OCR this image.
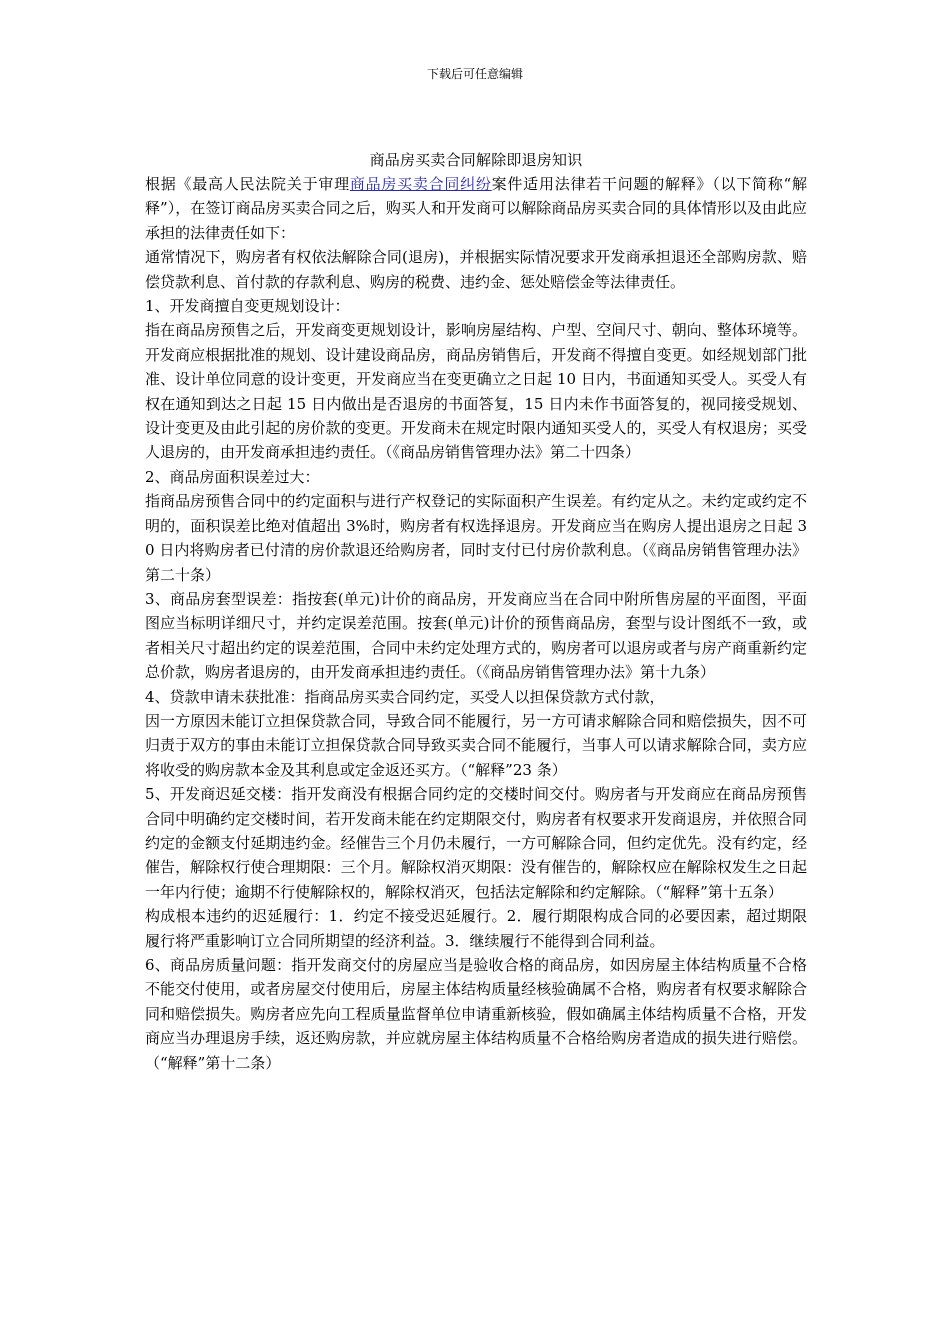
下载后可任意编辑
商品房买卖合同解除即退房知识

根据《最高人民法院关于审理商品房买卖合同纠纷案件适用法律若干问题的解释》（以下简称“解释”），在签订商品房买卖合同之后，购买人和开发商可以解除商品房买卖合同的具体情形以及由此应承担的法律责任如下：

通常情况下，购房者有权依法解除合同(退房)，并根据实际情况要求开发商承担退还全部购房款、赔偿贷款利息、首付款的存款利息、购房的税费、违约金、惩处赔偿金等法律责任。

1、开发商擅自变更规划设计：

指在商品房预售之后，开发商变更规划设计，影响房屋结构、户型、空间尺寸、朝向、整体环境等。开发商应根据批准的规划、设计建设商品房，商品房销售后，开发商不得擅自变更。如经规划部门批准、设计单位同意的设计变更，开发商应当在变更确立之日起 10 日内，书面通知买受人。买受人有权在通知到达之日起 15 日内做出是否退房的书面答复，15 日内未作书面答复的，视同接受规划、设计变更及由此引起的房价款的变更。开发商未在规定时限内通知买受人的，买受人有权退房；买受人退房的，由开发商承担违约责任。（《商品房销售管理办法》第二十四条）

2、商品房面积误差过大：

指商品房预售合同中的约定面积与进行产权登记的实际面积产生误差。有约定从之。未约定或约定不明的，面积误差比绝对值超出 3%时，购房者有权选择退房。开发商应当在购房人提出退房之日起 30 日内将购房者已付清的房价款退还给购房者，同时支付已付房价款利息。（《商品房销售管理办法》第二十条）

3、商品房套型误差：指按套(单元)计价的商品房，开发商应当在合同中附所售房屋的平面图，平面图应当标明详细尺寸，并约定误差范围。按套(单元)计价的预售商品房，套型与设计图纸不一致，或者相关尺寸超出约定的误差范围，合同中未约定处理方式的，购房者可以退房或者与房产商重新约定总价款，购房者退房的，由开发商承担违约责任。（《商品房销售管理办法》第十九条）

4、贷款申请未获批准：指商品房买卖合同约定，买受人以担保贷款方式付款，

因一方原因未能订立担保贷款合同，导致合同不能履行，另一方可请求解除合同和赔偿损失，因不可归责于双方的事由未能订立担保贷款合同导致买卖合同不能履行，当事人可以请求解除合同，卖方应将收受的购房款本金及其利息或定金返还买方。（“解释”23 条）

5、开发商迟延交楼：指开发商没有根据合同约定的交楼时间交付。购房者与开发商应在商品房预售合同中明确约定交楼时间，若开发商未能在约定期限交付，购房者有权要求开发商退房，并依照合同约定的金额支付延期违约金。经催告三个月仍未履行，一方可解除合同，但约定优先。没有约定，经催告，解除权行使合理期限：三个月。解除权消灭期限：没有催告的，解除权应在解除权发生之日起一年内行使；逾期不行使解除权的，解除权消灭，包括法定解除和约定解除。（“解释”第十五条）

构成根本违约的迟延履行：1．约定不接受迟延履行。2．履行期限构成合同的必要因素，超过期限履行将严重影响订立合同所期望的经济利益。3．继续履行不能得到合同利益。

6、商品房质量问题：指开发商交付的房屋应当是验收合格的商品房，如因房屋主体结构质量不合格不能交付使用，或者房屋交付使用后，房屋主体结构质量经核验确属不合格，购房者有权要求解除合同和赔偿损失。购房者应先向工程质量监督单位申请重新核验，假如确属主体结构质量不合格，开发商应当办理退房手续，返还购房款，并应就房屋主体结构质量不合格给购房者造成的损失进行赔偿。（“解释”第十二条）
